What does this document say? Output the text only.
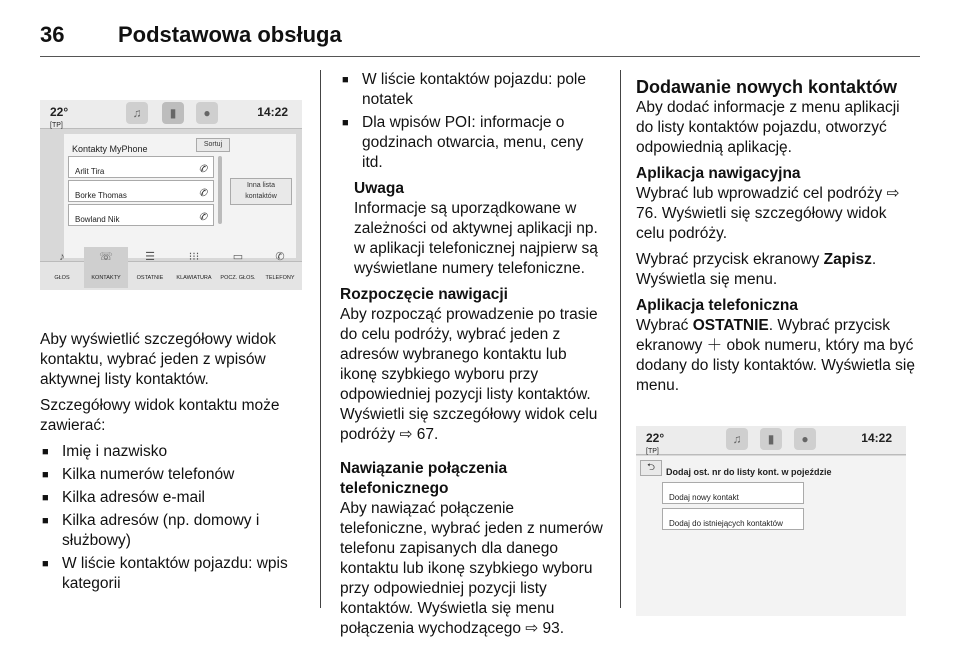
36 Podstawowa obsługa
22°
[TP]
♫	▮	●	14:22
Kontakty MyPhone	Sortuj
Arlit Tira	✆
Borke Thomas	✆
Bowland Nik	✆
Inna lista kontaktów
♪
GŁOS
☏
KONTAKTY
☰
OSTATNIE
⁝⁝⁝
KLAWIATURA
▭
POCZ. GŁOS.
✆
TELEFONY

Aby wyświetlić szczegółowy widok kontaktu, wybrać jeden z wpisów aktywnej listy kontaktów.

Szczegółowy widok kontaktu może zawierać:

■ Imię i nazwisko
■ Kilka numerów telefonów
■ Kilka adresów e-mail
■ Kilka adresów (np. domowy i służbowy)
■ W liście kontaktów pojazdu: wpis kategorii
■ W liście kontaktów pojazdu: pole notatek
■ Dla wpisów POI: informacje o godzinach otwarcia, menu, ceny itd.
Uwaga
Informacje są uporządkowane w zależności od aktywnej aplikacji np. w aplikacji telefonicznej najpierw są wyświetlane numery telefoniczne.
Rozpoczęcie nawigacji

Aby rozpocząć prowadzenie po trasie do celu podróży, wybrać jeden z adresów wybranego kontaktu lub ikonę szybkiego wyboru przy odpowiedniej pozycji listy kontaktów. Wyświetli się szczegółowy widok celu podróży ⇨ 67.

Nawiązanie połączenia telefonicznego

Aby nawiązać połączenie telefoniczne, wybrać jeden z numerów telefonu zapisanych dla danego kontaktu lub ikonę szybkiego wyboru przy odpowiedniej pozycji listy kontaktów. Wyświetla się menu połączenia wychodzącego ⇨ 93.

Dodawanie nowych kontaktów

Aby dodać informacje z menu aplikacji do listy kontaktów pojazdu, otworzyć odpowiednią aplikację.

Aplikacja nawigacyjna

Wybrać lub wprowadzić cel podróży ⇨ 76. Wyświetli się szczegółowy widok celu podróży.

Wybrać przycisk ekranowy Zapisz. Wyświetla się menu.

Aplikacja telefoniczna

Wybrać OSTATNIE. Wybrać przycisk ekranowy ＋ obok numeru, który ma być dodany do listy kontaktów. Wyświetla się menu.

22°
[TP]
♫	▮	●	14:22
⮌	Dodaj ost. nr do listy kont. w pojeździe
Dodaj nowy kontakt
Dodaj do istniejących kontaktów
